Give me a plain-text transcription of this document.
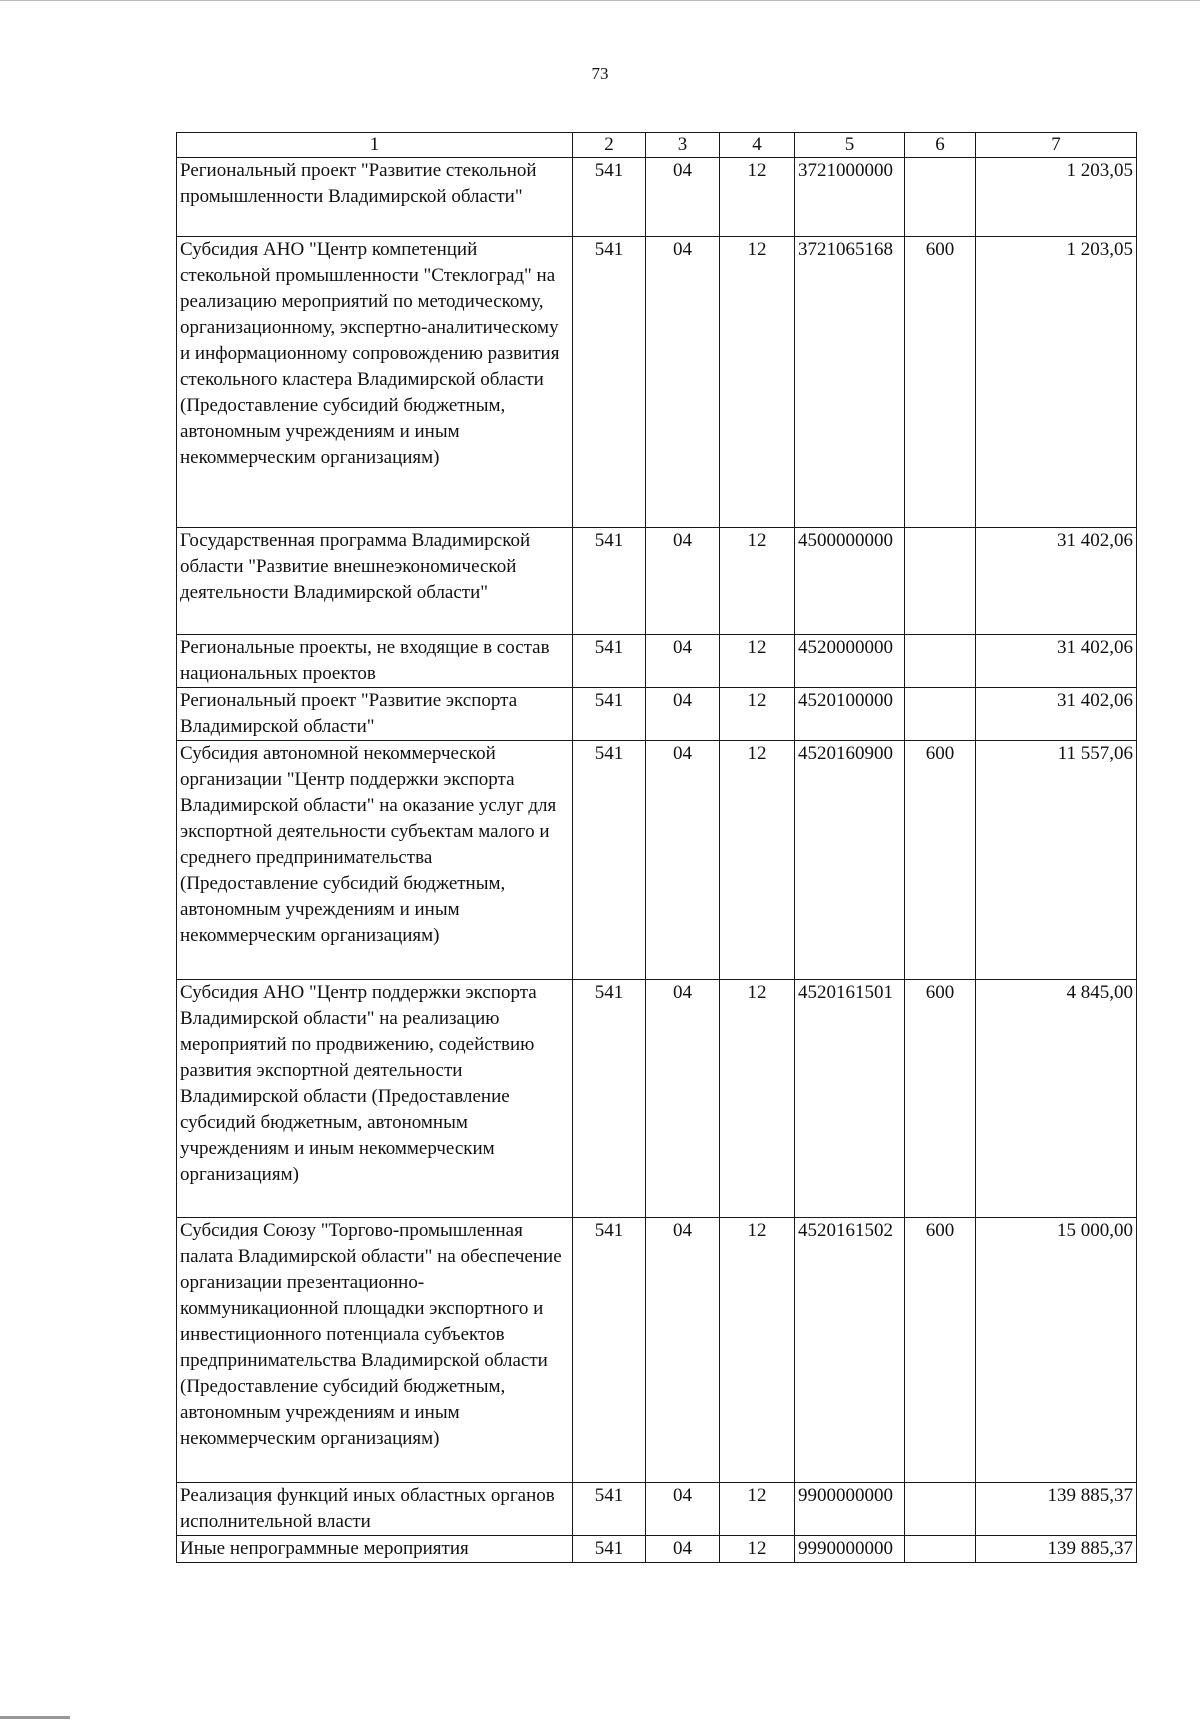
73
1	2	3	4	5	6	7
Региональный проект "Развитие стекольной промышленности Владимирской области"	541	04	12	3721000000		1 203,05
Субсидия АНО "Центр компетенций стекольной промышленности "Стеклоград" на реализацию мероприятий по методическому, организационному, экспертно-аналитическому и информационному сопровождению развития стекольного кластера Владимирской области (Предоставление субсидий бюджетным, автономным учреждениям и иным некоммерческим организациям)	541	04	12	3721065168	600	1 203,05
Государственная программа Владимирской области "Развитие внешнеэкономической деятельности Владимирской области"	541	04	12	4500000000		31 402,06
Региональные проекты, не входящие в состав национальных проектов	541	04	12	4520000000		31 402,06
Региональный проект "Развитие экспорта Владимирской области"	541	04	12	4520100000		31 402,06
Субсидия автономной некоммерческой организации "Центр поддержки экспорта Владимирской области" на оказание услуг для экспортной деятельности субъектам малого и среднего предпринимательства (Предоставление субсидий бюджетным, автономным учреждениям и иным некоммерческим организациям)	541	04	12	4520160900	600	11 557,06
Субсидия АНО "Центр поддержки экспорта Владимирской области" на реализацию мероприятий по продвижению, содействию развития экспортной деятельности Владимирской области (Предоставление субсидий бюджетным, автономным учреждениям и иным некоммерческим организациям)	541	04	12	4520161501	600	4 845,00
Субсидия Союзу "Торгово-промышленная палата Владимирской области" на обеспечение организации презентационно-коммуникационной площадки экспортного и инвестиционного потенциала субъектов предпринимательства Владимирской области (Предоставление субсидий бюджетным, автономным учреждениям и иным некоммерческим организациям)	541	04	12	4520161502	600	15 000,00
Реализация функций иных областных органов исполнительной власти	541	04	12	9900000000		139 885,37
Иные непрограммные мероприятия	541	04	12	9990000000		139 885,37
